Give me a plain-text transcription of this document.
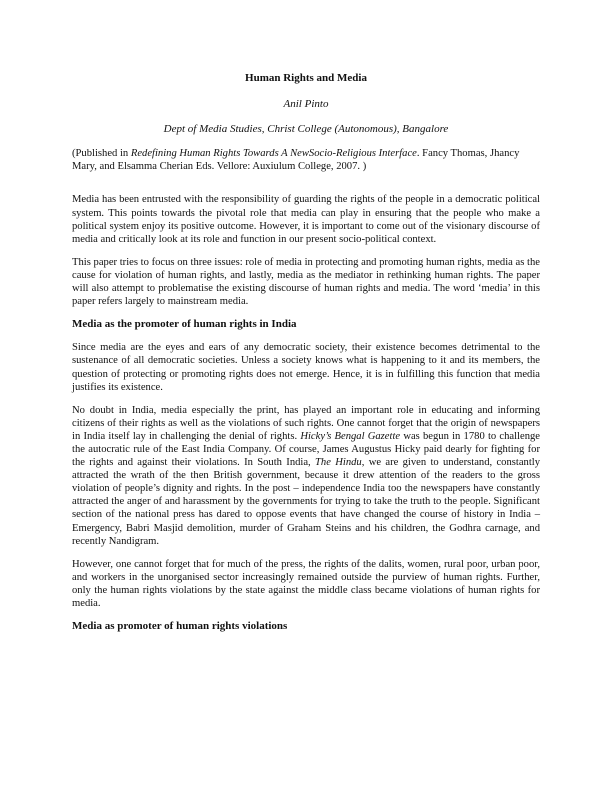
Human Rights and Media
Anil Pinto
Dept of Media Studies, Christ College (Autonomous), Bangalore
(Published in Redefining Human Rights Towards A NewSocio-Religious Interface. Fancy Thomas, Jhancy Mary, and Elsamma Cherian Eds. Vellore: Auxiulum College, 2007. )

Media has been entrusted with the responsibility of guarding the rights of the people in a democratic political system. This points towards the pivotal role that media can play in ensuring that the people who make a political system enjoy its positive outcome. However, it is important to come out of the visionary discourse of media and critically look at its role and function in our present socio-political context.

This paper tries to focus on three issues: role of media in protecting and promoting human rights, media as the cause for violation of human rights, and lastly, media as the mediator in rethinking human rights. The paper will also attempt to problematise the existing discourse of human rights and media. The word ‘media’ in this paper refers largely to mainstream media.

Media as the promoter of human rights in India

Since media are the eyes and ears of any democratic society, their existence becomes detrimental to the sustenance of all democratic societies. Unless a society knows what is happening to it and its members, the question of protecting or promoting rights does not emerge. Hence, it is in fulfilling this function that media justifies its existence.

No doubt in India, media especially the print, has played an important role in educating and informing citizens of their rights as well as the violations of such rights. One cannot forget that the origin of newspapers in India itself lay in challenging the denial of rights. Hicky’s Bengal Gazette was begun in 1780 to challenge the autocratic rule of the East India Company. Of course, James Augustus Hicky paid dearly for fighting for the rights and against their violations. In South India, The Hindu, we are given to understand, constantly attracted the wrath of the then British government, because it drew attention of the readers to the gross violation of people’s dignity and rights. In the post – independence India too the newspapers have constantly attracted the anger of and harassment by the governments for trying to take the truth to the people. Significant section of the national press has dared to oppose events that have changed the course of history in India – Emergency, Babri Masjid demolition, murder of Graham Steins and his children, the Godhra carnage, and recently Nandigram.

However, one cannot forget that for much of the press, the rights of the dalits, women, rural poor, urban poor, and workers in the unorganised sector increasingly remained outside the purview of human rights. Further, only the human rights violations by the state against the middle class became violations of human rights for media.

Media as promoter of human rights violations
